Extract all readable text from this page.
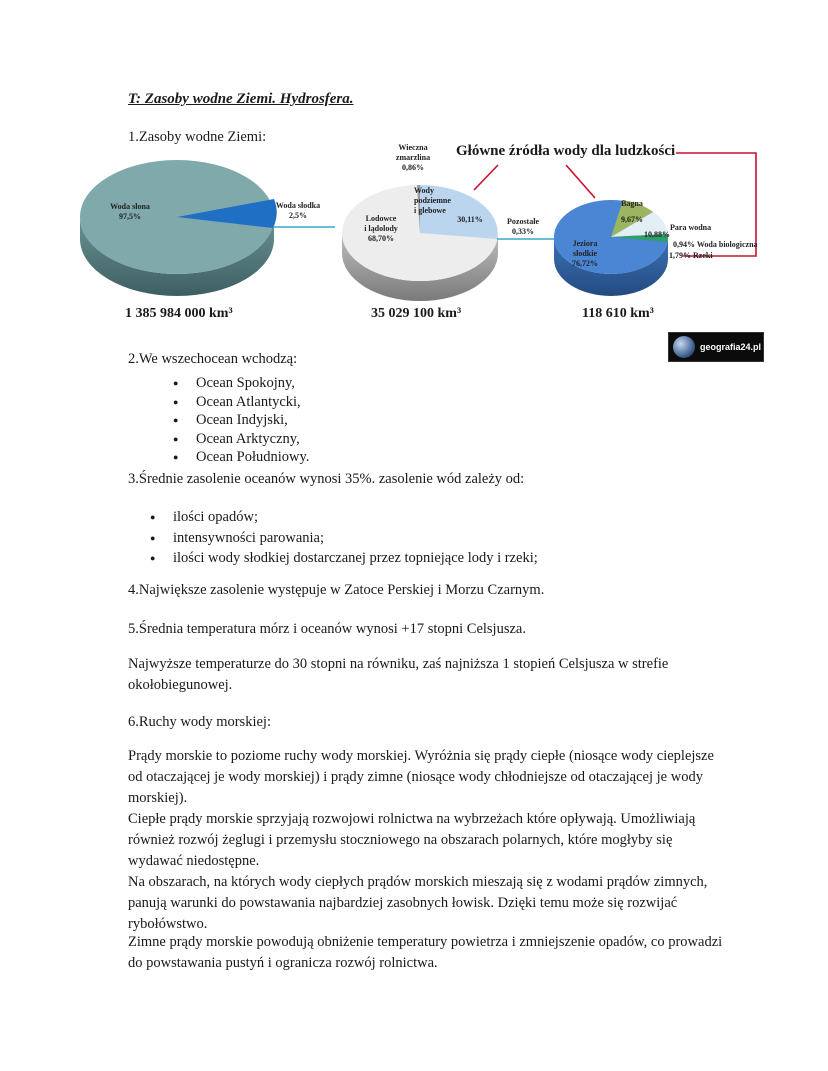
T: Zasoby wodne Ziemi. Hydrosfera.
1.Zasoby wodne Ziemi:
Woda słona
97,5%
Woda słodka
2,5%
Wieczna
zmarzlina
0,86%
Wody
podziemne
i glebowe
30,11%
Lodowce
i lądolody
68,70%
Pozostałe
0,33%
Bagna
9,67%
Para wodna
10,88%
Jeziora słodkie
76,72%
0,94% Woda biologiczna
1,79% Rzeki
Główne źródła wody dla ludzkości
1 385 984 000 km³	35 029 100 km³	118 610 km³
geografia24.pl
2.We wszechocean wchodzą:
● Ocean Spokojny,
● Ocean Atlantycki,
● Ocean Indyjski,
● Ocean Arktyczny,
● Ocean Południowy.
3.Średnie zasolenie oceanów wynosi 35%. zasolenie wód zależy od:
● ilości opadów;
● intensywności parowania;
● ilości wody słodkiej dostarczanej przez topniejące lody i rzeki;
4.Największe zasolenie występuje w Zatoce Perskiej i Morzu Czarnym.
5.Średnia temperatura mórz i oceanów wynosi +17 stopni Celsjusza.
Najwyższe temperaturze do 30 stopni na równiku, zaś najniższa 1 stopień Celsjusza w strefie okołobiegunowej.
6.Ruchy wody morskiej:
Prądy morskie to poziome ruchy wody morskiej. Wyróżnia się prądy ciepłe (niosące wody cieplejsze od otaczającej je wody morskiej) i prądy zimne (niosące wody chłodniejsze od otaczającej je wody morskiej).
Ciepłe prądy morskie sprzyjają rozwojowi rolnictwa na wybrzeżach które opływają. Umożliwiają również rozwój żeglugi i przemysłu stoczniowego na obszarach polarnych, które mogłyby się wydawać niedostępne.
Na obszarach, na których wody ciepłych prądów morskich mieszają się z wodami prądów zimnych, panują warunki do powstawania najbardziej zasobnych łowisk. Dzięki temu może się rozwijać rybołówstwo.
Zimne prądy morskie powodują obniżenie temperatury powietrza i zmniejszenie opadów, co prowadzi do powstawania pustyń i ogranicza rozwój rolnictwa.
